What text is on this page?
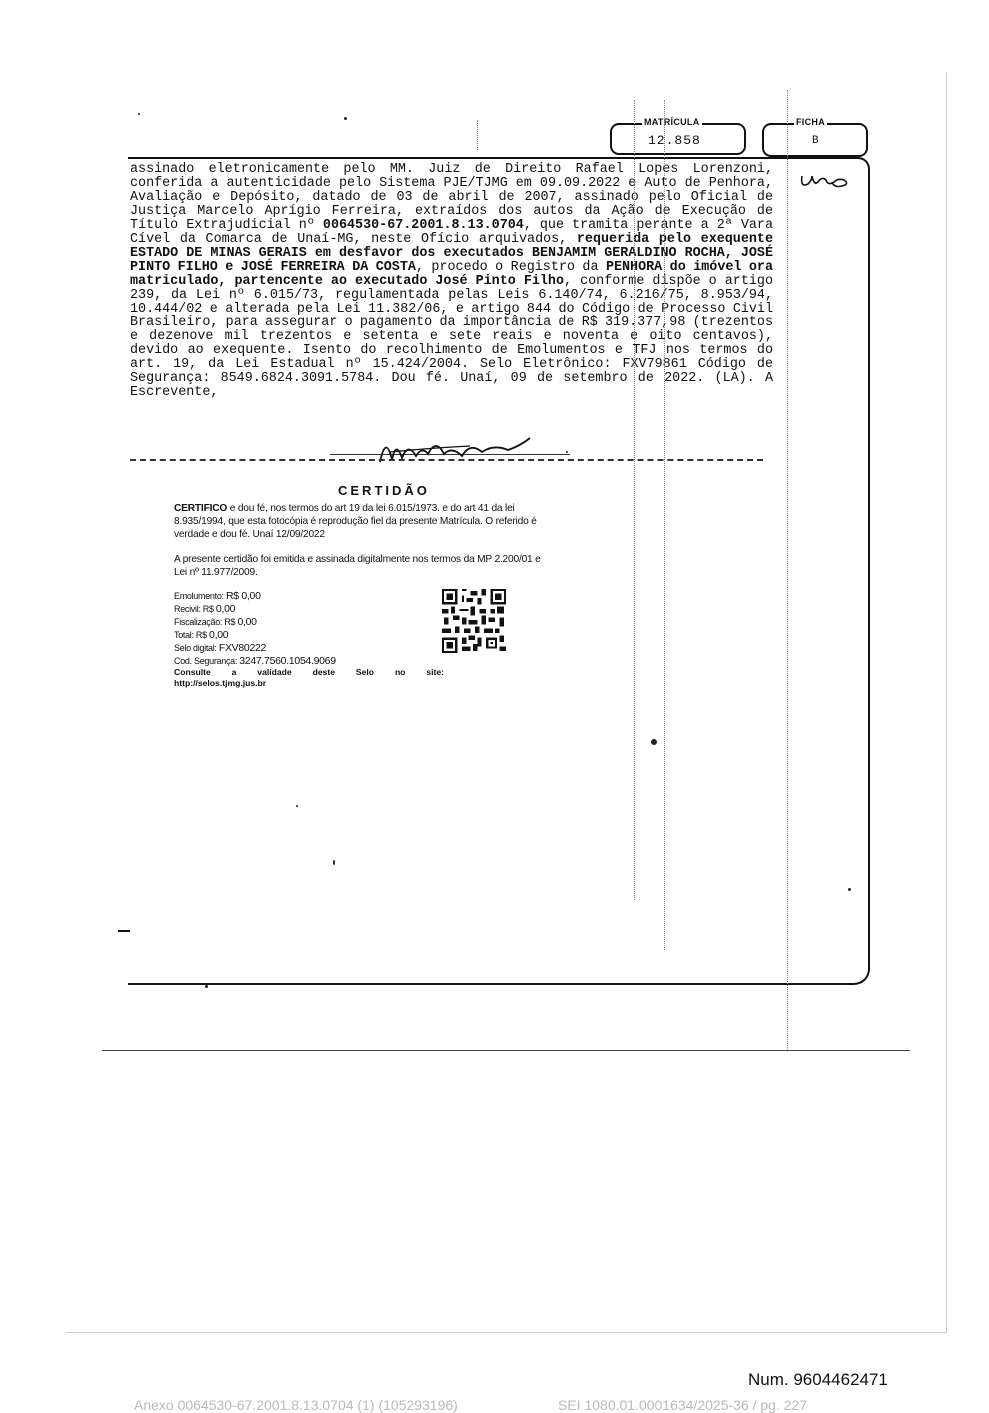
MATRÍCULA
12.858
FICHA
B
assinado eletronicamente pelo MM. Juiz de Direito Rafael Lopes Lorenzoni, conferida a autenticidade pelo Sistema PJE/TJMG em 09.09.2022 e Auto de Penhora, Avaliação e Depósito, datado de 03 de abril de 2007, assinado pelo Oficial de Justiça Marcelo Aprígio Ferreira, extraídos dos autos da Ação de Execução de Título Extrajudicial nº 0064530-67.2001.8.13.0704, que tramita perante a 2ª Vara Cível da Comarca de Unaí-MG, neste Ofício arquivados, requerida pelo exequente ESTADO DE MINAS GERAIS em desfavor dos executados BENJAMIM GERALDINO ROCHA, JOSÉ PINTO FILHO e JOSÉ FERREIRA DA COSTA, procedo o Registro da PENHORA do imóvel ora matriculado, partencente ao executado José Pinto Filho, conforme dispõe o artigo 239, da Lei nº 6.015/73, regulamentada pelas Leis 6.140/74, 6.216/75, 8.953/94, 10.444/02 e alterada pela Lei 11.382/06, e artigo 844 do Código de Processo Civil Brasileiro, para assegurar o pagamento da importância de R$ 319.377,98 (trezentos e dezenove mil trezentos e setenta e sete reais e noventa e oito centavos), devido ao exequente. Isento do recolhimento de Emolumentos e TFJ nos termos do art. 19, da Lei Estadual nº 15.424/2004. Selo Eletrônico: FXV79861 Código de Segurança: 8549.6824.3091.5784. Dou fé. Unaí, 09 de setembro de 2022. (LA). A Escrevente,
.
CERTIDÃO
CERTIFICO e dou fé, nos termos do art 19 da lei 6.015/1973. e do art 41 da lei 8.935/1994, que esta fotocópia é reprodução fiel da presente Matrícula. O referido é verdade e dou fé. Unaí 12/09/2022
A presente certidão foi emitida e assinada digitalmente nos termos da MP 2.200/01 e Lei nº 11.977/2009.
Emolumento: R$ 0,00
Recivil: R$ 0,00
Fiscalização: R$ 0,00
Total: R$ 0,00
Selo digital: FXV80222
Cod. Segurança: 3247.7560.1054.9069
Consulte a validade deste Selo no site:
http://selos.tjmg.jus.br
Num. 9604462471
Anexo 0064530-67.2001.8.13.0704 (1) (105293196)	SEI 1080.01.0001634/2025-36 / pg. 227
